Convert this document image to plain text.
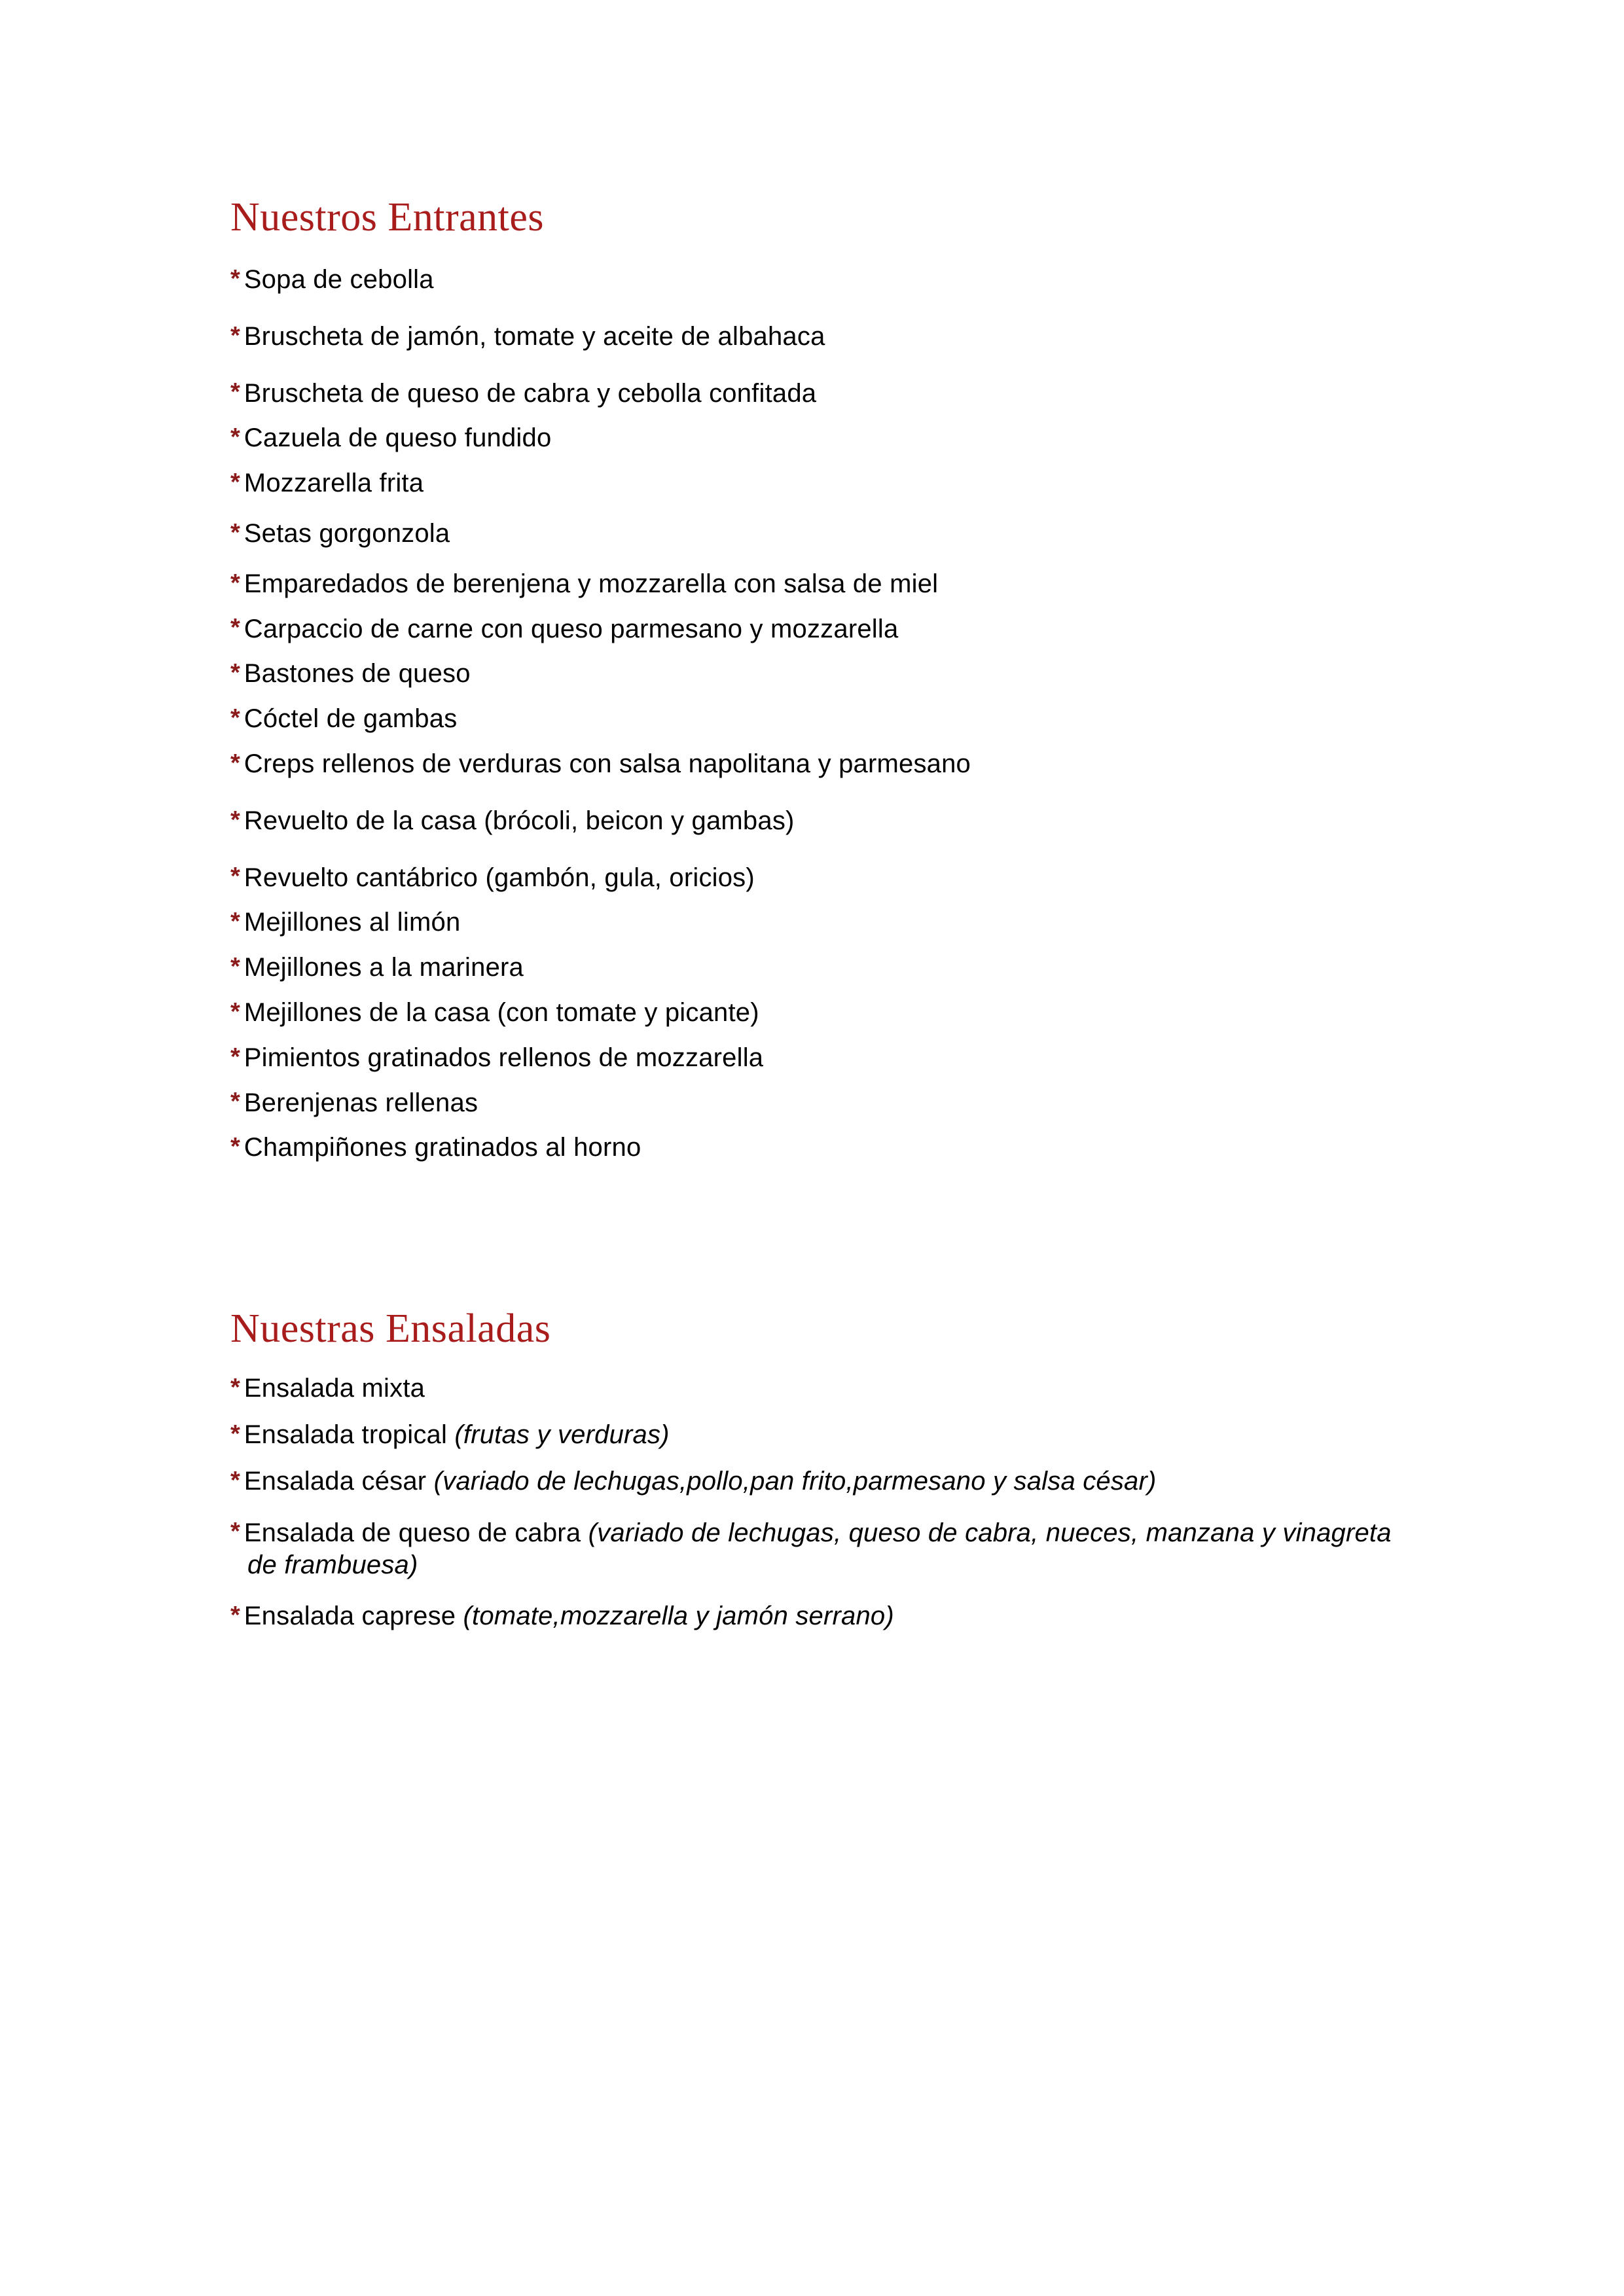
Nuestros Entrantes
* Sopa de cebolla
* Bruscheta de jamón, tomate y aceite de albahaca
* Bruscheta de queso de cabra y cebolla confitada
* Cazuela de queso fundido
* Mozzarella frita
* Setas gorgonzola
* Emparedados de berenjena y mozzarella con salsa de miel
* Carpaccio de carne con queso parmesano y mozzarella
* Bastones de queso
* Cóctel de gambas
* Creps rellenos de verduras con salsa napolitana y parmesano
* Revuelto de la casa (brócoli, beicon y gambas)
* Revuelto cantábrico (gambón, gula, oricios)
* Mejillones al limón
* Mejillones a la marinera
* Mejillones de la casa (con tomate y picante)
* Pimientos gratinados rellenos de mozzarella
* Berenjenas rellenas
* Champiñones gratinados al horno
Nuestras Ensaladas
* Ensalada mixta
* Ensalada tropical (frutas y verduras)
* Ensalada césar (variado de lechugas,pollo,pan frito,parmesano y salsa césar)
* Ensalada de queso de cabra (variado de lechugas, queso de cabra, nueces, manzana y vinagreta de frambuesa)
* Ensalada caprese (tomate,mozzarella y jamón serrano)
